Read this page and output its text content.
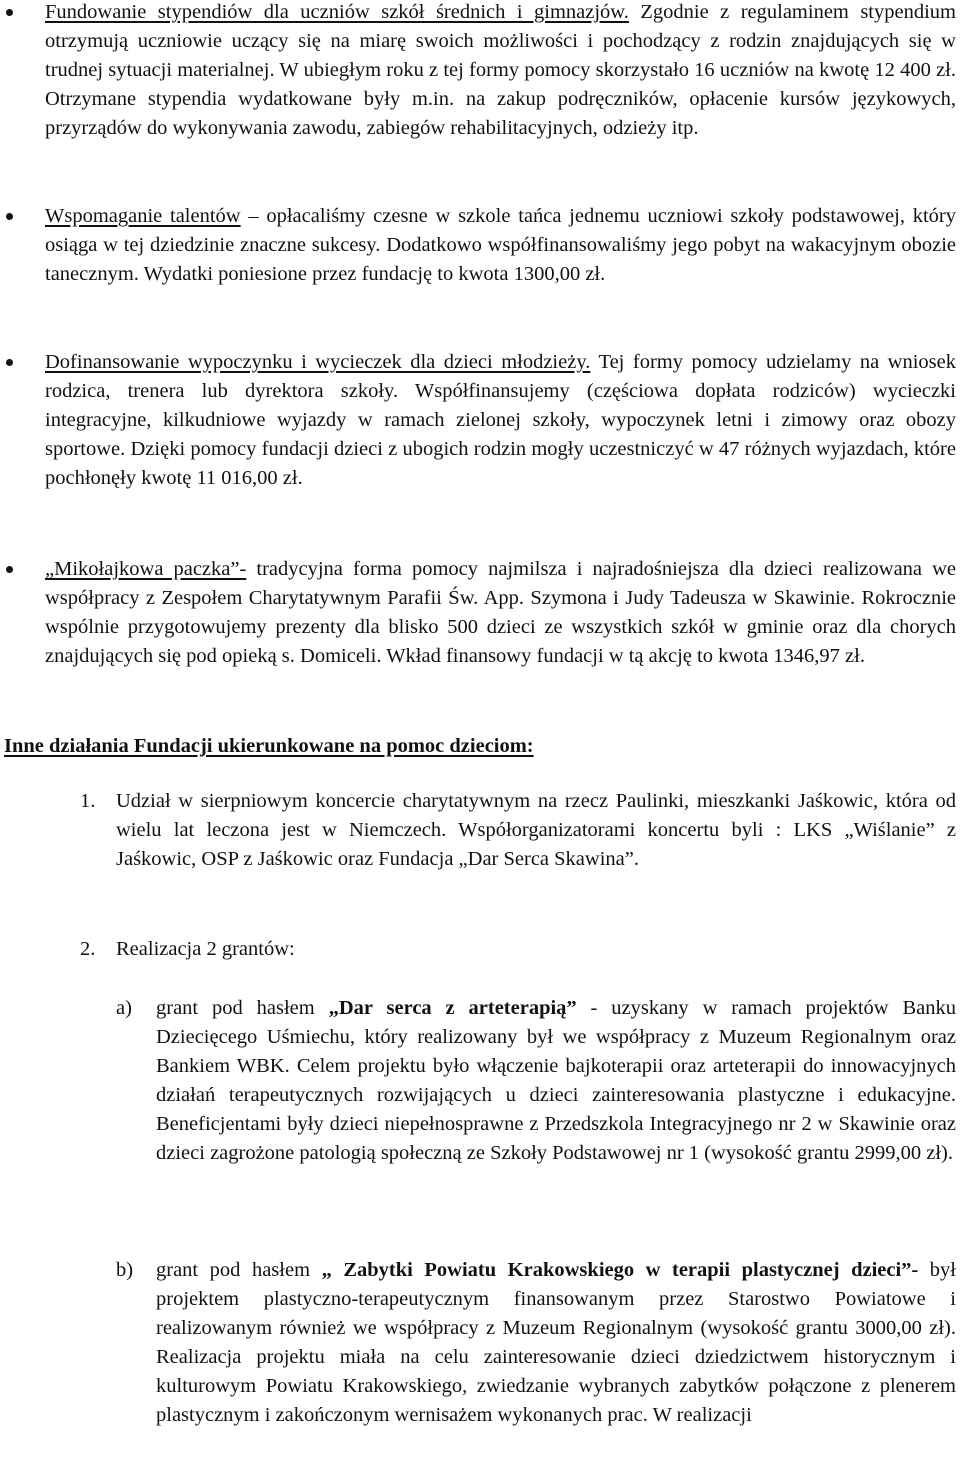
Fundowanie stypendiów dla uczniów szkół średnich i gimnazjów. Zgodnie z regulaminem stypendium otrzymują uczniowie uczący się na miarę swoich możliwości i pochodzący z rodzin znajdujących się w trudnej sytuacji materialnej. W ubiegłym roku z tej formy pomocy skorzystało 16 uczniów na kwotę 12 400 zł. Otrzymane stypendia wydatkowane były m.in. na zakup podręczników, opłacenie kursów językowych, przyrządów do wykonywania zawodu, zabiegów rehabilitacyjnych, odzieży itp.

Wspomaganie talentów – opłacaliśmy czesne w szkole tańca jednemu uczniowi szkoły podstawowej, który osiąga w tej dziedzinie znaczne sukcesy. Dodatkowo współfinansowaliśmy jego pobyt na wakacyjnym obozie tanecznym. Wydatki poniesione przez fundację to kwota 1300,00 zł.

Dofinansowanie wypoczynku i wycieczek dla dzieci młodzieży. Tej formy pomocy udzielamy na wniosek rodzica, trenera lub dyrektora szkoły. Współfinansujemy (częściowa dopłata rodziców) wycieczki integracyjne, kilkudniowe wyjazdy w ramach zielonej szkoły, wypoczynek letni i zimowy oraz obozy sportowe. Dzięki pomocy fundacji dzieci z ubogich rodzin mogły uczestniczyć w 47 różnych wyjazdach, które pochłonęły kwotę 11 016,00 zł.

„Mikołajkowa paczka”- tradycyjna forma pomocy najmilsza i najradośniejsza dla dzieci realizowana we współpracy z Zespołem Charytatywnym Parafii Św. App. Szymona i Judy Tadeusza w Skawinie. Rokrocznie wspólnie przygotowujemy prezenty dla blisko 500 dzieci ze wszystkich szkół w gminie oraz dla chorych znajdujących się pod opieką s. Domiceli. Wkład finansowy fundacji w tą akcję to kwota 1346,97 zł.

Inne działania Fundacji ukierunkowane na pomoc dzieciom:

1. Udział w sierpniowym koncercie charytatywnym na rzecz Paulinki, mieszkanki Jaśkowic, która od wielu lat leczona jest w Niemczech. Współorganizatorami koncertu byli : LKS „Wiślanie” z Jaśkowic, OSP z Jaśkowic oraz Fundacja „Dar Serca Skawina”.
2. Realizacja 2 grantów:
a) grant pod hasłem „Dar serca z arteterapią” - uzyskany w ramach projektów Banku Dziecięcego Uśmiechu, który realizowany był we współpracy z Muzeum Regionalnym oraz Bankiem WBK. Celem projektu było włączenie bajkoterapii oraz arteterapii do innowacyjnych działań terapeutycznych rozwijających u dzieci zainteresowania plastyczne i edukacyjne. Beneficjentami były dzieci niepełnosprawne z Przedszkola Integracyjnego nr 2 w Skawinie oraz dzieci zagrożone patologią społeczną ze Szkoły Podstawowej nr 1 (wysokość grantu 2999,00 zł).
b) grant pod hasłem „ Zabytki Powiatu Krakowskiego w terapii plastycznej dzieci”- był projektem plastyczno-terapeutycznym finansowanym przez Starostwo Powiatowe i realizowanym również we współpracy z Muzeum Regionalnym (wysokość grantu 3000,00 zł). Realizacja projektu miała na celu zainteresowanie dzieci dziedzictwem historycznym i kulturowym Powiatu Krakowskiego, zwiedzanie wybranych zabytków połączone z plenerem plastycznym i zakończonym wernisażem wykonanych prac. W realizacji
